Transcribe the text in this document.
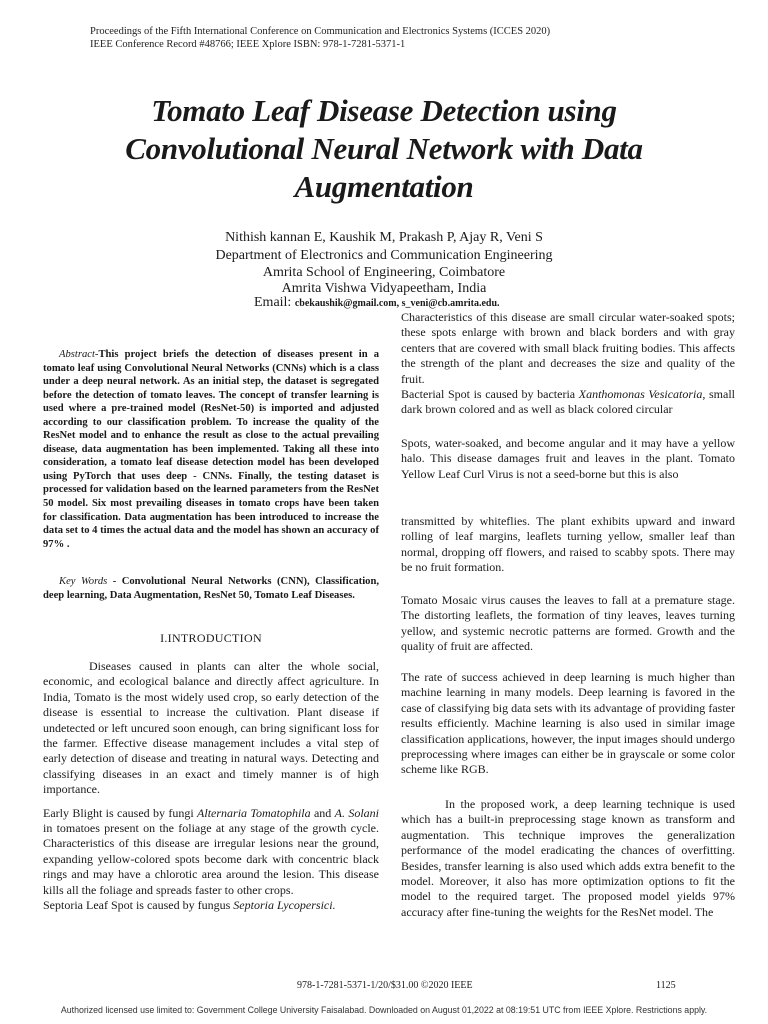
Proceedings of the Fifth International Conference on Communication and Electronics Systems (ICCES 2020)
IEEE Conference Record #48766; IEEE Xplore ISBN: 978-1-7281-5371-1
Tomato Leaf Disease Detection using Convolutional Neural Network with Data Augmentation
Nithish kannan E, Kaushik M, Prakash P, Ajay R, Veni S
Department of Electronics and Communication Engineering
Amrita School of Engineering, Coimbatore
Amrita Vishwa Vidyapeetham, India
Email: cbekaushik@gmail.com, s_veni@cb.amrita.edu.
Abstract-This project briefs the detection of diseases present in a tomato leaf using Convolutional Neural Networks (CNNs) which is a class under a deep neural network. As an initial step, the dataset is segregated before the detection of tomato leaves. The concept of transfer learning is used where a pre-trained model (ResNet-50) is imported and adjusted according to our classification problem. To increase the quality of the ResNet model and to enhance the result as close to the actual prevailing disease, data augmentation has been implemented. Taking all these into consideration, a tomato leaf disease detection model has been developed using PyTorch that uses deep - CNNs. Finally, the testing dataset is processed for validation based on the learned parameters from the ResNet 50 model. Six most prevailing diseases in tomato crops have been taken for classification. Data augmentation has been introduced to increase the data set to 4 times the actual data and the model has shown an accuracy of 97% .
Key Words - Convolutional Neural Networks (CNN), Classification, deep learning, Data Augmentation, ResNet 50, Tomato Leaf Diseases.
I.INTRODUCTION

Diseases caused in plants can alter the whole social, economic, and ecological balance and directly affect agriculture. In India, Tomato is the most widely used crop, so early detection of the disease is essential to increase the cultivation. Plant disease if undetected or left uncured soon enough, can bring significant loss for the farmer. Effective disease management includes a vital step of early detection of disease and treating in natural ways. Detecting and classifying diseases in an exact and timely manner is of high importance.

Early Blight is caused by fungi Alternaria Tomatophila and A. Solani in tomatoes present on the foliage at any stage of the growth cycle. Characteristics of this disease are irregular lesions near the ground, expanding yellow-colored spots become dark with concentric black rings and may have a chlorotic area around the lesion. This disease kills all the foliage and spreads faster to other crops.

Septoria Leaf Spot is caused by fungus Septoria Lycopersici.

Characteristics of this disease are small circular water-soaked spots; these spots enlarge with brown and black borders and with gray centers that are covered with small black fruiting bodies. This affects the strength of the plant and decreases the size and quality of the fruit.

Bacterial Spot is caused by bacteria Xanthomonas Vesicatoria, small dark brown colored and as well as black colored circular

Spots, water-soaked, and become angular and it may have a yellow halo. This disease damages fruit and leaves in the plant. Tomato Yellow Leaf Curl Virus is not a seed-borne but this is also

transmitted by whiteflies. The plant exhibits upward and inward rolling of leaf margins, leaflets turning yellow, smaller leaf than normal, dropping off flowers, and raised to scabby spots. There may be no fruit formation.

Tomato Mosaic virus causes the leaves to fall at a premature stage. The distorting leaflets, the formation of tiny leaves, leaves turning yellow, and systemic necrotic patterns are formed. Growth and the quality of fruit are affected.

The rate of success achieved in deep learning is much higher than machine learning in many models. Deep learning is favored in the case of classifying big data sets with its advantage of providing faster results efficiently. Machine learning is also used in similar image classification applications, however, the input images should undergo preprocessing where images can either be in grayscale or some color scheme like RGB.

In the proposed work, a deep learning technique is used which has a built-in preprocessing stage known as transform and augmentation. This technique improves the generalization performance of the model eradicating the chances of overfitting. Besides, transfer learning is also used which adds extra benefit to the model. Moreover, it also has more optimization options to fit the model to the required target. The proposed model yields 97% accuracy after fine-tuning the weights for the ResNet model. The

978-1-7281-5371-1/20/$31.00 ©2020 IEEE	1125
Authorized licensed use limited to: Government College University Faisalabad. Downloaded on August 01,2022 at 08:19:51 UTC from IEEE Xplore. Restrictions apply.
